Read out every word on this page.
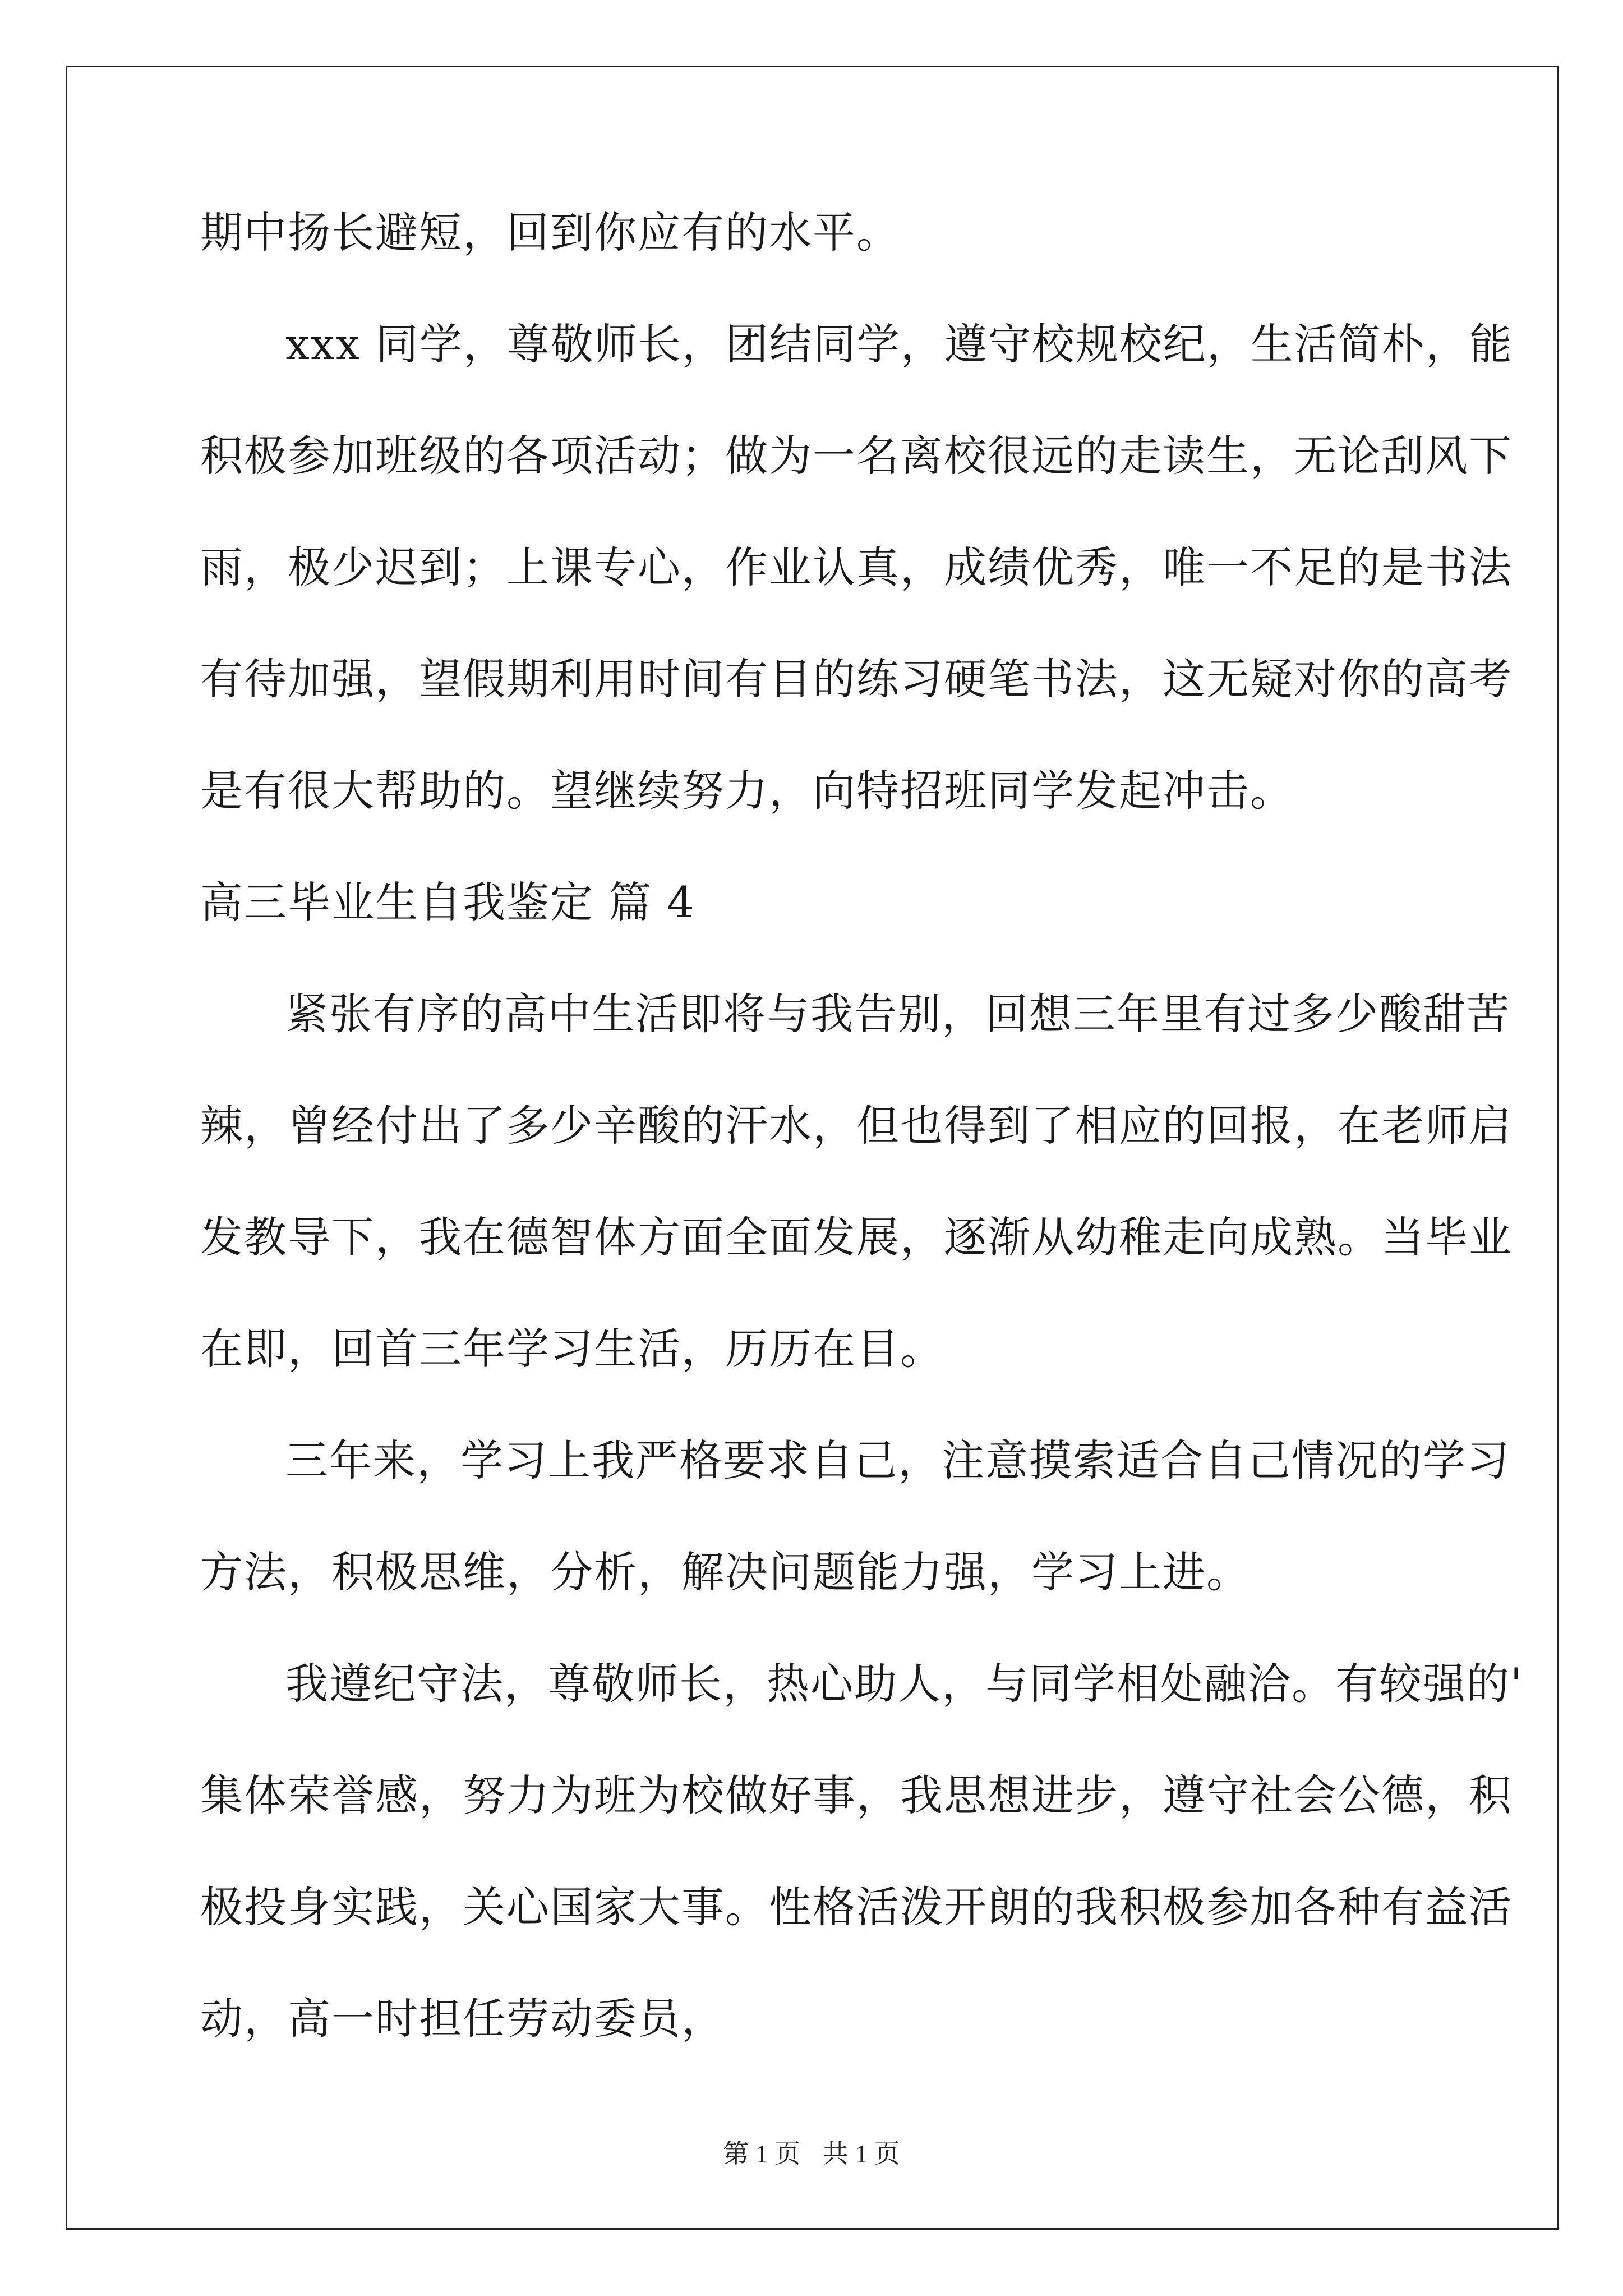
期中扬长避短，回到你应有的水平。
xxx 同学，尊敬师长，团结同学，遵守校规校纪，生活简朴，能
积极参加班级的各项活动；做为一名离校很远的走读生，无论刮风下
雨，极少迟到；上课专心，作业认真，成绩优秀，唯一不足的是书法
有待加强，望假期利用时间有目的练习硬笔书法，这无疑对你的高考
是有很大帮助的。望继续努力，向特招班同学发起冲击。
高三毕业生自我鉴定 篇 4
紧张有序的高中生活即将与我告别，回想三年里有过多少酸甜苦
辣，曾经付出了多少辛酸的汗水，但也得到了相应的回报，在老师启
发教导下，我在德智体方面全面发展，逐渐从幼稚走向成熟。当毕业
在即，回首三年学习生活，历历在目。
三年来，学习上我严格要求自己，注意摸索适合自己情况的学习
方法，积极思维，分析，解决问题能力强，学习上进。
我遵纪守法，尊敬师长，热心助人，与同学相处融洽。有较强的'
集体荣誉感，努力为班为校做好事，我思想进步，遵守社会公德，积
极投身实践，关心国家大事。性格活泼开朗的我积极参加各种有益活
动，高一时担任劳动委员，
第 1 页 共 1 页
